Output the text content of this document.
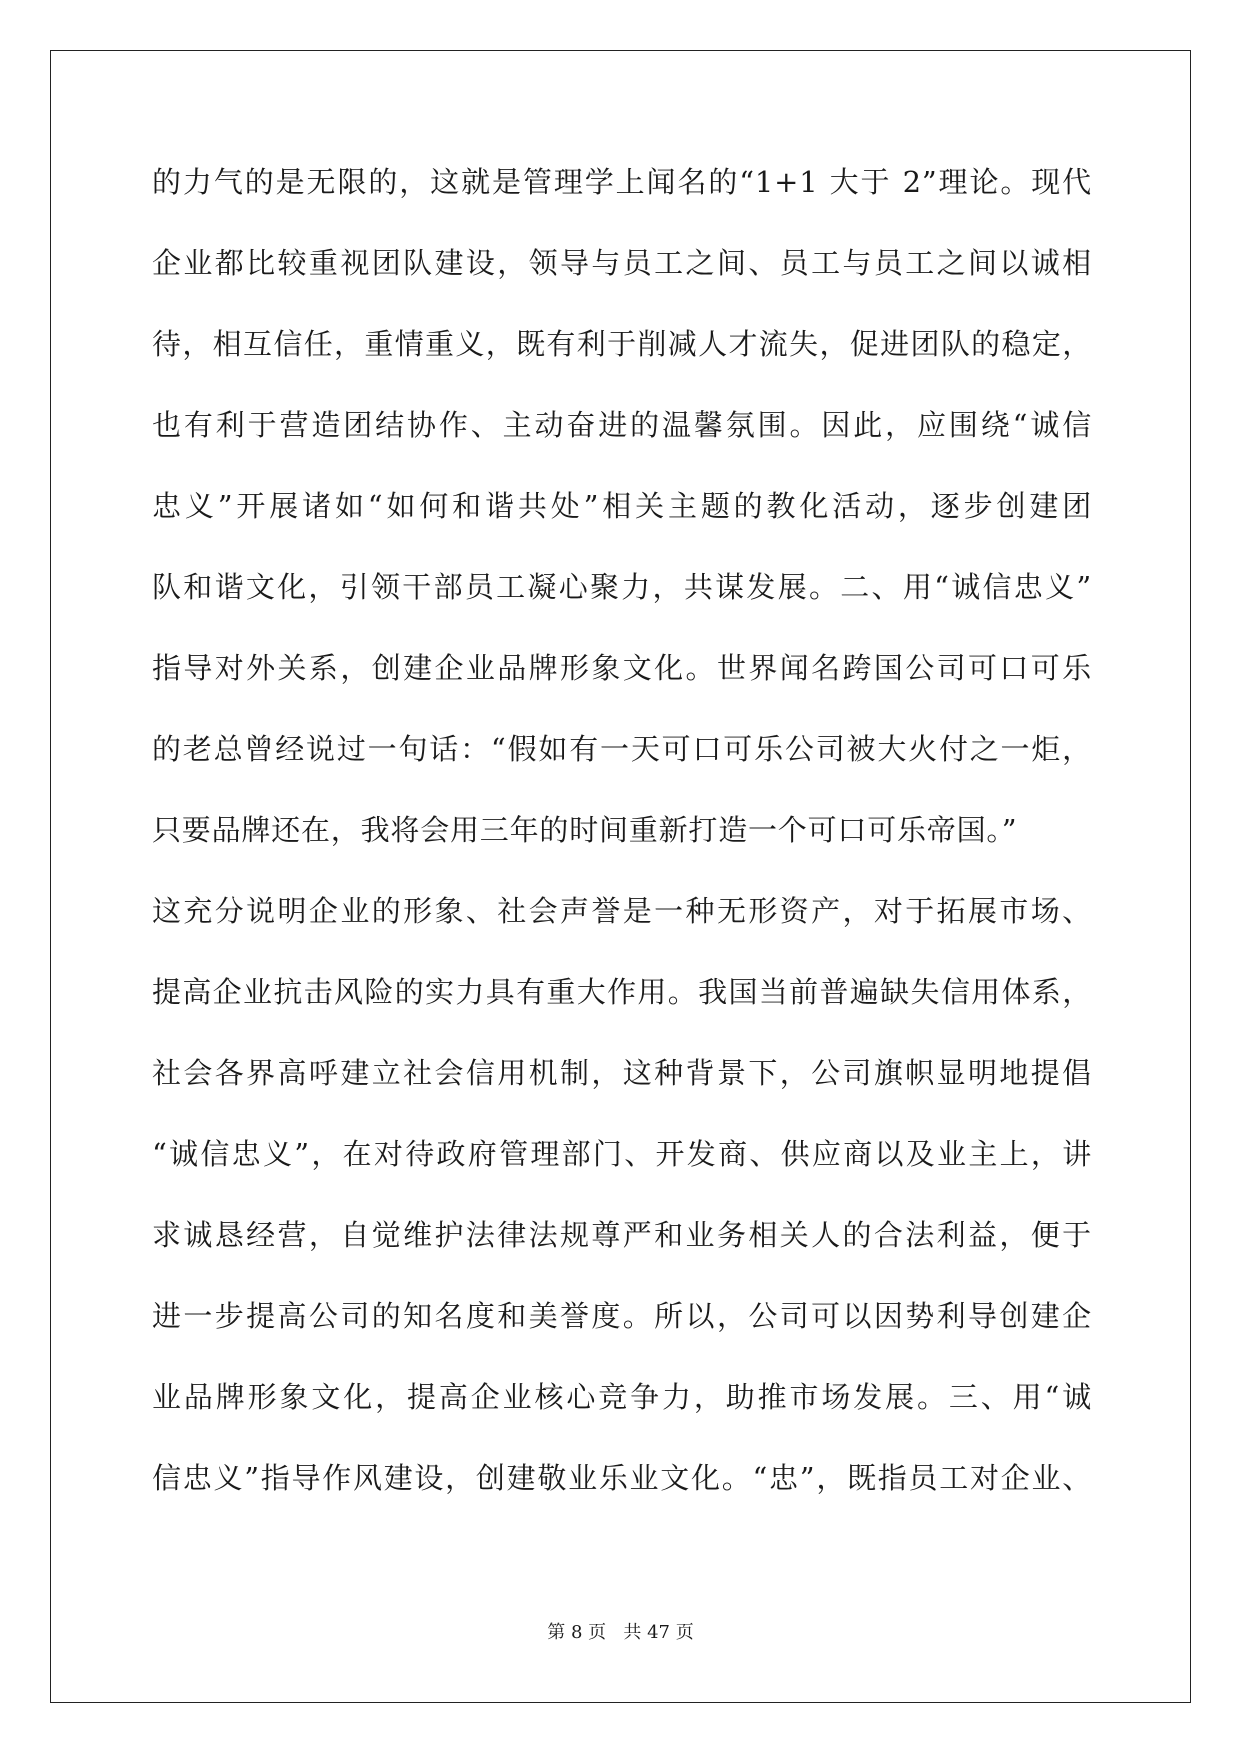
的力气的是无限的，这就是管理学上闻名的“1+1 大于 2”理论。现代
企业都比较重视团队建设，领导与员工之间、员工与员工之间以诚相
待，相互信任，重情重义，既有利于削减人才流失，促进团队的稳定，
也有利于营造团结协作、主动奋进的温馨氛围。因此，应围绕“诚信
忠义”开展诸如“如何和谐共处”相关主题的教化活动，逐步创建团
队和谐文化，引领干部员工凝心聚力，共谋发展。二、用“诚信忠义”
指导对外关系，创建企业品牌形象文化。世界闻名跨国公司可口可乐
的老总曾经说过一句话：“假如有一天可口可乐公司被大火付之一炬，
只要品牌还在，我将会用三年的时间重新打造一个可口可乐帝国。”
这充分说明企业的形象、社会声誉是一种无形资产，对于拓展市场、
提高企业抗击风险的实力具有重大作用。我国当前普遍缺失信用体系，
社会各界高呼建立社会信用机制，这种背景下，公司旗帜显明地提倡
“诚信忠义”，在对待政府管理部门、开发商、供应商以及业主上，讲
求诚恳经营，自觉维护法律法规尊严和业务相关人的合法利益，便于
进一步提高公司的知名度和美誉度。所以，公司可以因势利导创建企
业品牌形象文化，提高企业核心竞争力，助推市场发展。三、用“诚
信忠义”指导作风建设，创建敬业乐业文化。“忠”，既指员工对企业、
第 8 页   共 47 页
